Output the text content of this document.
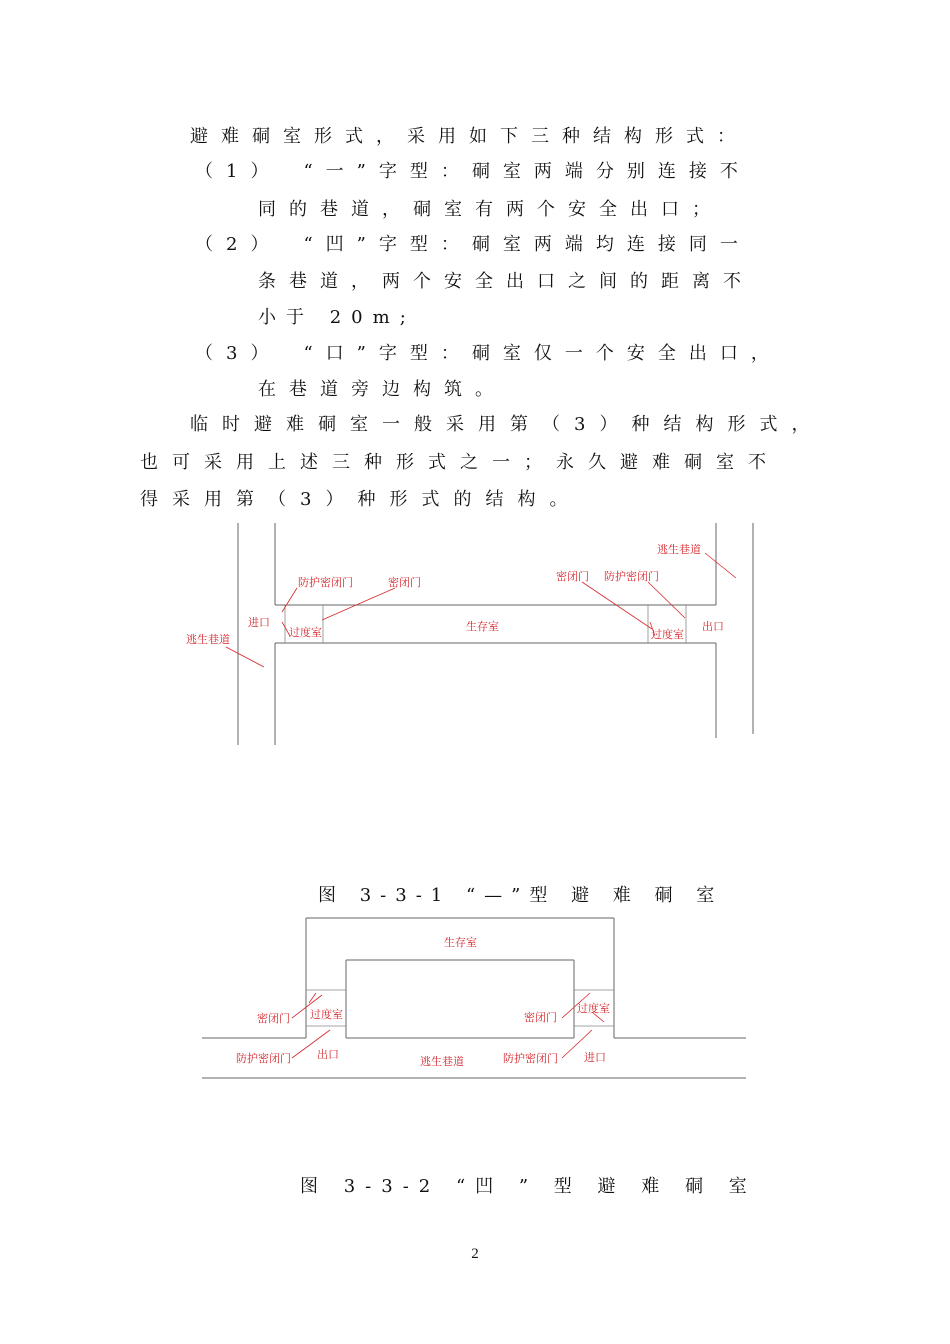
避难硐室形式，采用如下三种结构形式：
（1）　“一”字型：硐室两端分别连接不
同的巷道，硐室有两个安全出口；
（2）　“凹”字型：硐室两端均连接同一
条巷道，两个安全出口之间的距离不
小于 20m;
（3）　“口”字型：硐室仅一个安全出口，
在巷道旁边构筑。
临时避难硐室一般采用第（3）种结构形式，
也可采用上述三种形式之一；永久避难硐室不
得采用第（3）种形式的结构。
逃生巷道
防护密闭门	密闭门	密闭门 防护密闭门
进口
过度室	生存室
过度室
出口
逃生巷道
图 3-3-1 “—”型 避 难 硐 室
生存室
密闭门 过度室	过度室
密闭门
防护密闭门 出口
逃生巷道	防护密闭门 进口
图 3-3-2 “凹 ” 型 避 难 硐 室
2
